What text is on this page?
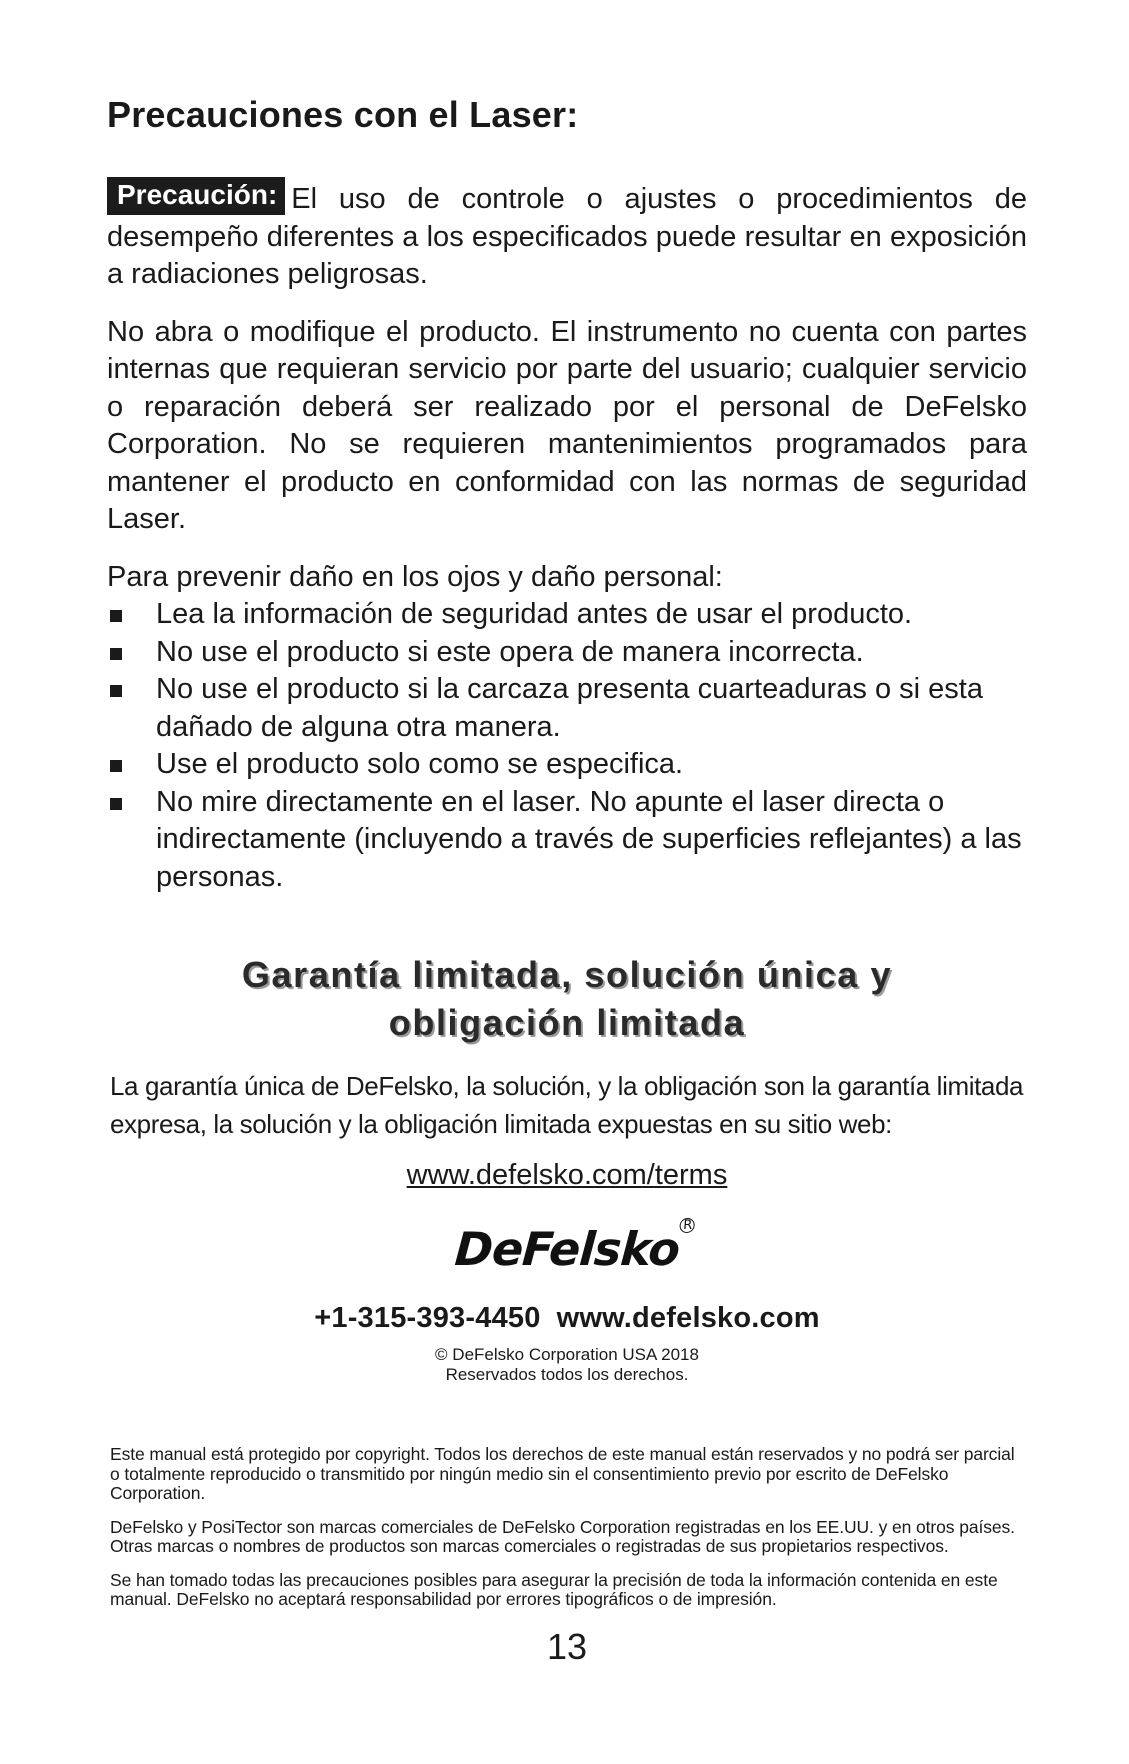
Precauciones con el Laser:

Precaución: El uso de controle o ajustes o procedimientos de desempeño diferentes a los especificados puede resultar en exposición a radiaciones peligrosas.

No abra o modifique el producto. El instrumento no cuenta con partes internas que requieran servicio por parte del usuario; cualquier servicio o reparación deberá ser realizado por el personal de DeFelsko Corporation. No se requieren mantenimientos programados para mantener el producto en conformidad con las normas de seguridad Laser.

Para prevenir daño en los ojos y daño personal:

Lea la información de seguridad antes de usar el producto.
No use el producto si este opera de manera incorrecta.
No use el producto si la carcaza presenta cuarteaduras o si esta dañado de alguna otra manera.
Use el producto solo como se especifica.
No mire directamente en el laser. No apunte el laser directa o indirectamente (incluyendo a través de superficies reflejantes) a las personas.
Garantía limitada, solución única y
obligación limitada

La garantía única de DeFelsko, la solución, y la obligación son la garantía limitada expresa, la solución y la obligación limitada expuestas en su sitio web:

www.defelsko.com/terms
DeFelsko R
+1-315-393-4450 www.defelsko.com
© DeFelsko Corporation USA 2018
Reservados todos los derechos.

Este manual está protegido por copyright. Todos los derechos de este manual están reservados y no podrá ser parcial o totalmente reproducido o transmitido por ningún medio sin el consentimiento previo por escrito de DeFelsko Corporation.

DeFelsko y PosiTector son marcas comerciales de DeFelsko Corporation registradas en los EE.UU. y en otros países. Otras marcas o nombres de productos son marcas comerciales o registradas de sus propietarios respectivos.

Se han tomado todas las precauciones posibles para asegurar la precisión de toda la información contenida en este manual. DeFelsko no aceptará responsabilidad por errores tipográficos o de impresión.

13
